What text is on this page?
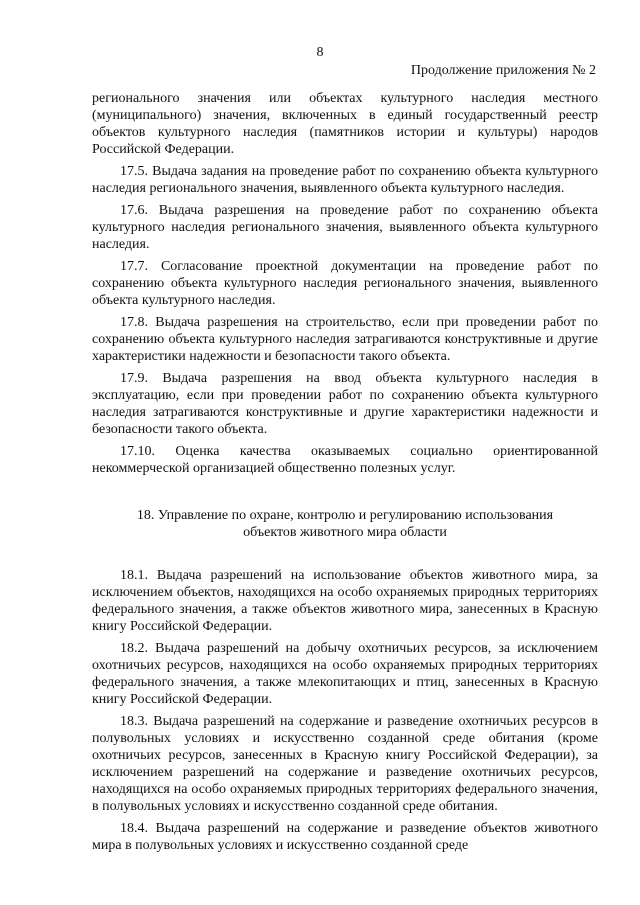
8
Продолжение приложения № 2

регионального значения или объектах культурного наследия местного (муниципального) значения, включенных в единый государственный реестр объектов культурного наследия (памятников истории и культуры) народов Российской Федерации.

17.5. Выдача задания на проведение работ по сохранению объекта культурного наследия регионального значения, выявленного объекта культурного наследия.

17.6. Выдача разрешения на проведение работ по сохранению объекта культурного наследия регионального значения, выявленного объекта культурного наследия.

17.7. Согласование проектной документации на проведение работ по сохранению объекта культурного наследия регионального значения, выявленного объекта культурного наследия.

17.8. Выдача разрешения на строительство, если при проведении работ по сохранению объекта культурного наследия затрагиваются конструктивные и другие характеристики надежности и безопасности такого объекта.

17.9. Выдача разрешения на ввод объекта культурного наследия в эксплуатацию, если при проведении работ по сохранению объекта культурного наследия затрагиваются конструктивные и другие характеристики надежности и безопасности такого объекта.

17.10. Оценка качества оказываемых социально ориентированной некоммерческой организацией общественно полезных услуг.

18. Управление по охране, контролю и регулированию использования
объектов животного мира области

18.1. Выдача разрешений на использование объектов животного мира, за исключением объектов, находящихся на особо охраняемых природных территориях федерального значения, а также объектов животного мира, занесенных в Красную книгу Российской Федерации.

18.2. Выдача разрешений на добычу охотничьих ресурсов, за исключением охотничьих ресурсов, находящихся на особо охраняемых природных территориях федерального значения, а также млекопитающих и птиц, занесенных в Красную книгу Российской Федерации.

18.3. Выдача разрешений на содержание и разведение охотничьих ресурсов в полувольных условиях и искусственно созданной среде обитания (кроме охотничьих ресурсов, занесенных в Красную книгу Российской Федерации), за исключением разрешений на содержание и разведение охотничьих ресурсов, находящихся на особо охраняемых природных территориях федерального значения, в полувольных условиях и искусственно созданной среде обитания.

18.4. Выдача разрешений на содержание и разведение объектов животного мира в полувольных условиях и искусственно созданной среде
